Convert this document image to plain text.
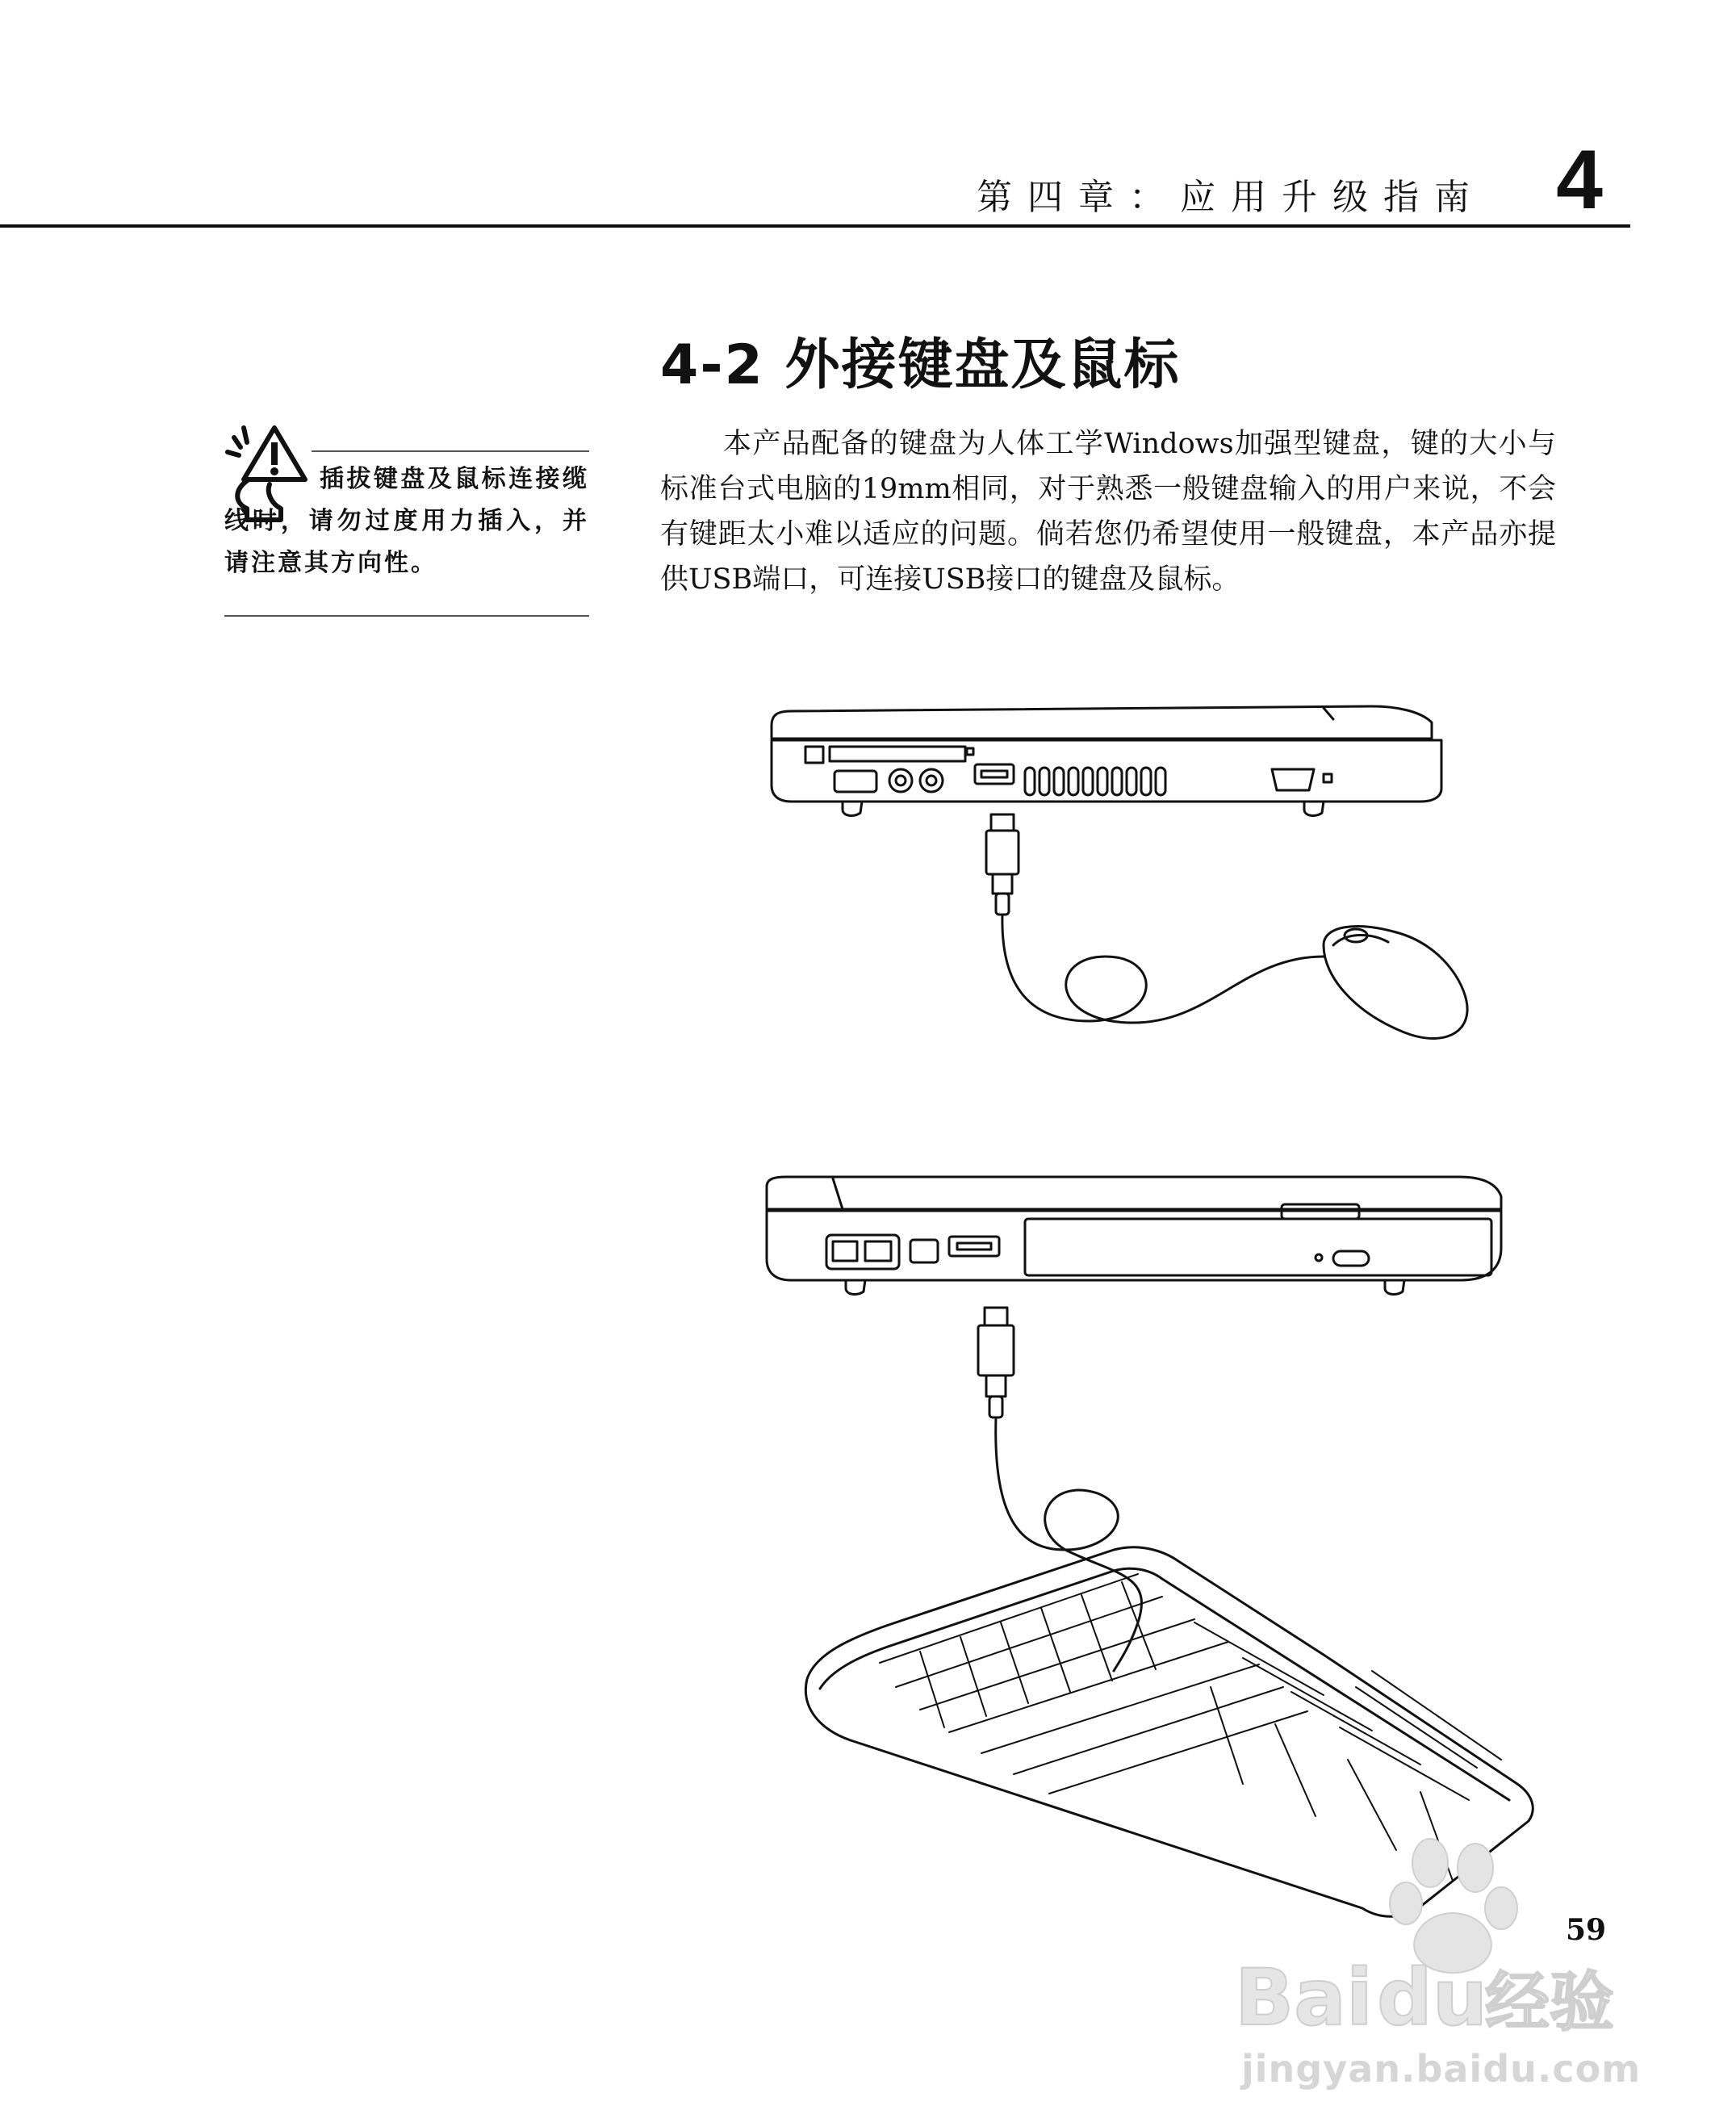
第四章：应用升级指南 4
4-2 外接键盘及鼠标

插拔键盘及鼠标连接缆线时，请勿过度用力插入，并请注意其方向性。

本产品配备的键盘为人体工学Windows加强型键盘，键的大小与标准台式电脑的19mm相同，对于熟悉一般键盘输入的用户来说，不会有键距太小难以适应的问题。倘若您仍希望使用一般键盘，本产品亦提供USB端口，可连接USB接口的键盘及鼠标。

59
Bai du
经验
jingyan.baidu.com
